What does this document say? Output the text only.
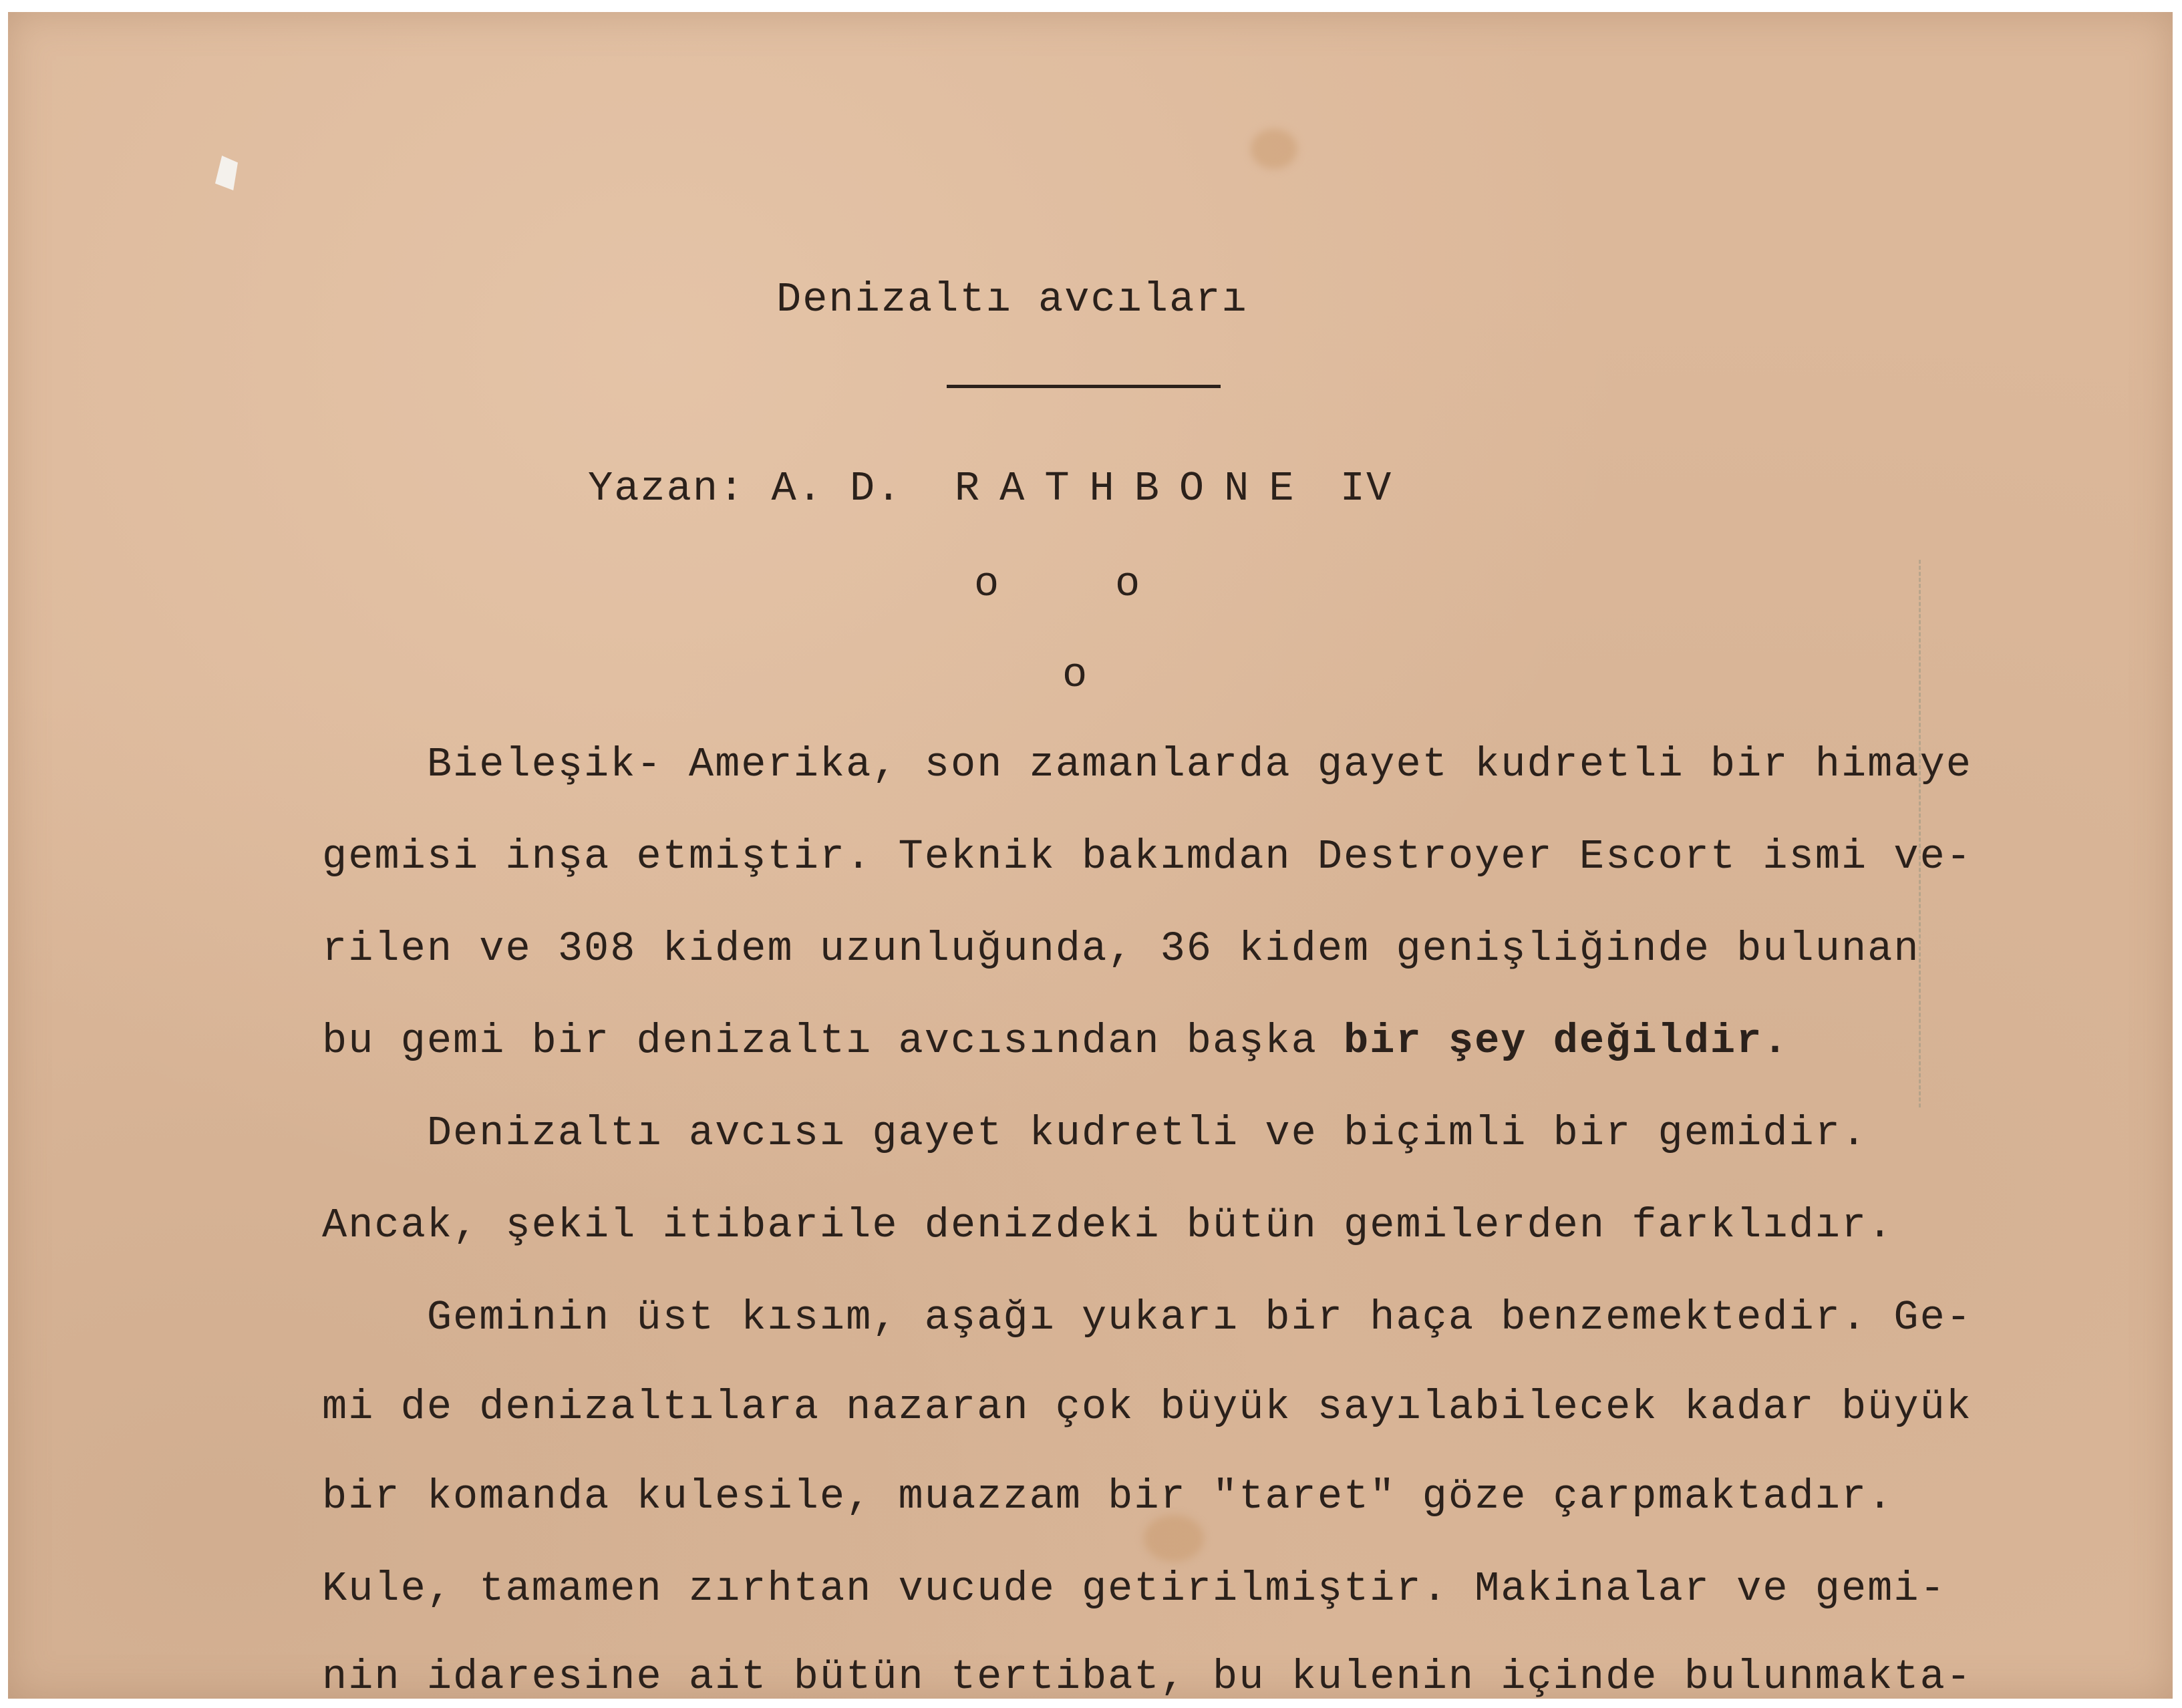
Denizaltı avcıları
Yazan: A. D. RATHBONE IV
o	o
o
Bieleşik- Amerika, son zamanlarda gayet kudretli bir himaye
gemisi inşa etmiştir. Teknik bakımdan Destroyer Escort ismi ve-
rilen ve 308 kidem uzunluğunda, 36 kidem genişliğinde bulunan
bu gemi bir denizaltı avcısından başka bir şey değildir.
Denizaltı avcısı gayet kudretli ve biçimli bir gemidir.
Ancak, şekil itibarile denizdeki bütün gemilerden farklıdır.
Geminin üst kısım, aşağı yukarı bir haça benzemektedir. Ge-
mi de denizaltılara nazaran çok büyük sayılabilecek kadar büyük
bir komanda kulesile, muazzam bir "taret" göze çarpmaktadır.
Kule, tamamen zırhtan vucude getirilmiştir. Makinalar ve gemi-
nin idaresine ait bütün tertibat, bu kulenin içinde bulunmakta-
